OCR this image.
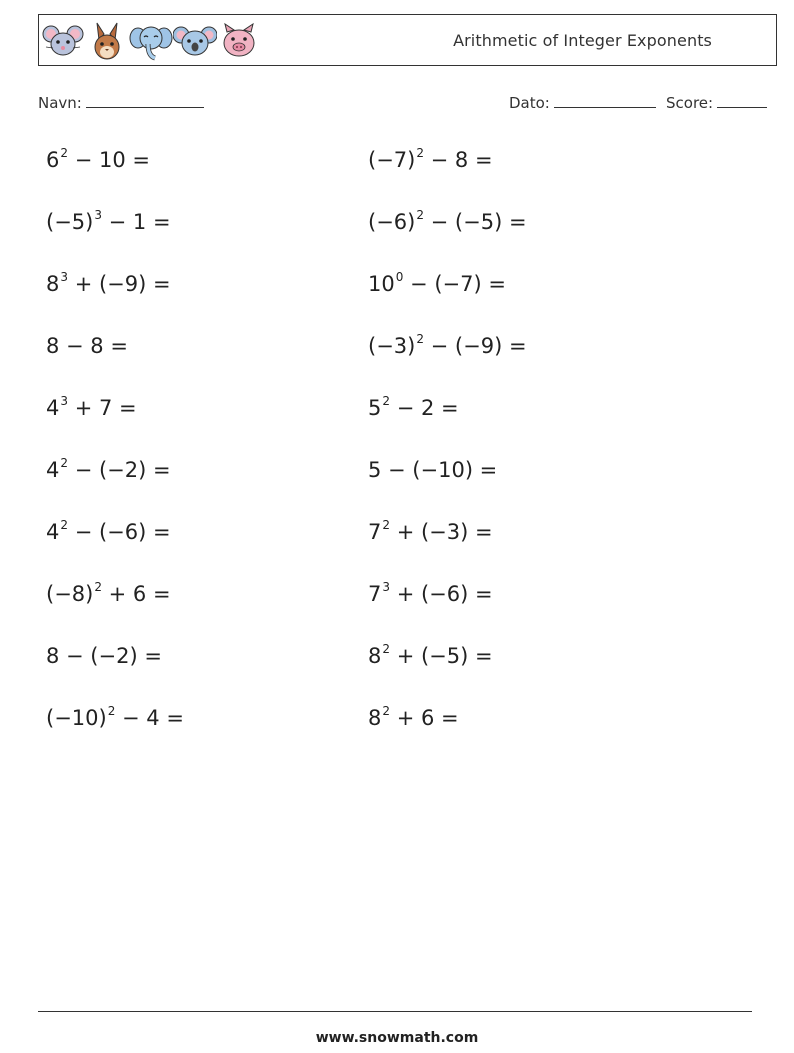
Arithmetic of Integer Exponents
Navn:	Dato:	Score:
$6^2 - 10$ =
$(-5)^3 - 1$ =
$8^3 + (-9)$ =
8 − 8 =
$4^3 + 7$ =
$4^2 - (-2)$ =
$4^2 - (-6)$ =
$(-8)^2 + 6$ =
8 − (−2) =
$(-10)^2 - 4$ =
$(-7)^2 - 8$ =
$(-6)^2 - (-5)$ =
$10^0 - (-7)$ =
$(-3)^2 - (-9)$ =
$5^2 - 2$ =
5 − (−10) =
$7^2 + (-3)$ =
$7^3 + (-6)$ =
$8^2 + (-5)$ =
$8^2 + 6$ =
www.snowmath.com
